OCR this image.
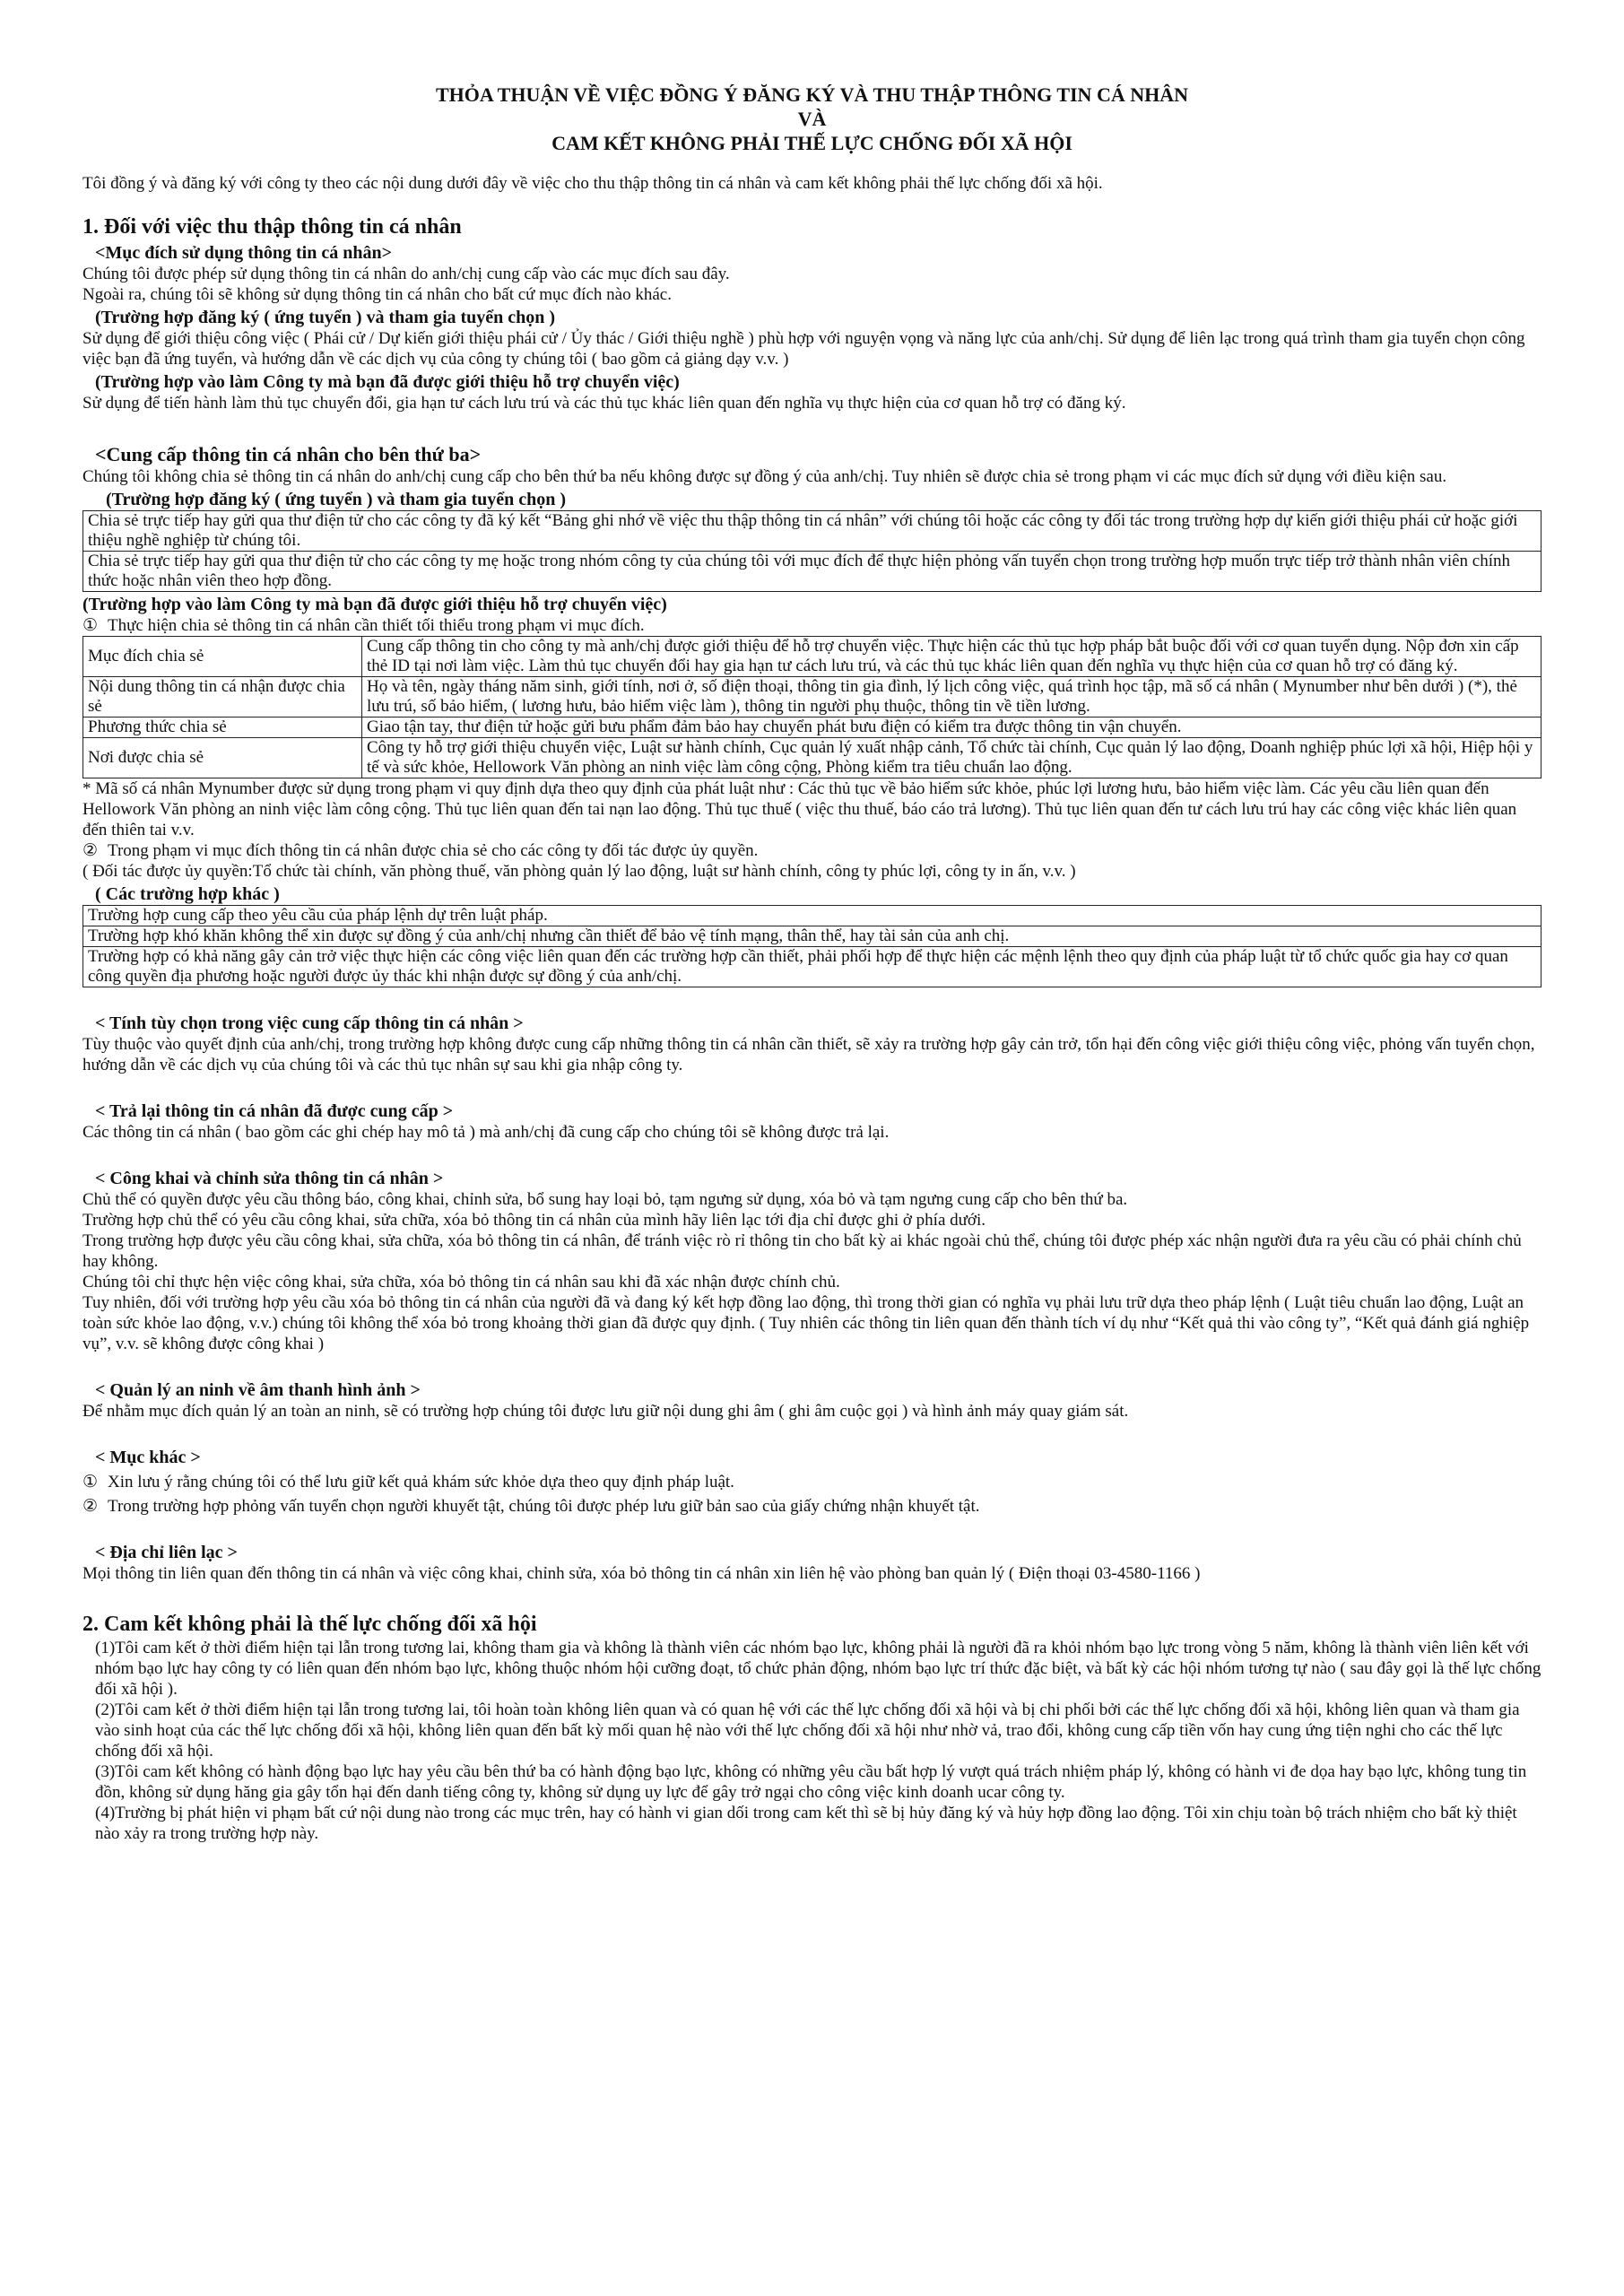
THỎA THUẬN VỀ VIỆC ĐỒNG Ý ĐĂNG KÝ VÀ THU THẬP THÔNG TIN CÁ NHÂN

VÀ

CAM KẾT KHÔNG PHẢI THẾ LỰC CHỐNG ĐỐI XÃ HỘI

Tôi đồng ý và đăng ký với công ty theo các nội dung dưới đây về việc cho thu thập thông tin cá nhân và cam kết không phải thế lực chống đối xã hội.

1. Đối với việc thu thập thông tin cá nhân
<Mục đích sử dụng thông tin cá nhân>

Chúng tôi được phép sử dụng thông tin cá nhân do anh/chị cung cấp vào các mục đích sau đây.

Ngoài ra, chúng tôi sẽ không sử dụng thông tin cá nhân cho bất cứ mục đích nào khác.

(Trường hợp đăng ký ( ứng tuyển ) và tham gia tuyển chọn )

Sử dụng để giới thiệu công việc ( Phái cử / Dự kiến giới thiệu phái cử / Ủy thác / Giới thiệu nghề ) phù hợp với nguyện vọng và năng lực của anh/chị. Sử dụng để liên lạc trong quá trình tham gia tuyển chọn công việc bạn đã ứng tuyển, và hướng dẫn về các dịch vụ của công ty chúng tôi ( bao gồm cả giảng dạy v.v. )

(Trường hợp vào làm Công ty mà bạn đã được giới thiệu hỗ trợ chuyển việc)

Sử dụng để tiến hành làm thủ tục chuyển đổi, gia hạn tư cách lưu trú và các thủ tục khác liên quan đến nghĩa vụ thực hiện của cơ quan hỗ trợ có đăng ký.

<Cung cấp thông tin cá nhân cho bên thứ ba>

Chúng tôi không chia sẻ thông tin cá nhân do anh/chị cung cấp cho bên thứ ba nếu không được sự đồng ý của anh/chị. Tuy nhiên sẽ được chia sẻ trong phạm vi các mục đích sử dụng với điều kiện sau.

(Trường hợp đăng ký ( ứng tuyển ) và tham gia tuyển chọn )
Chia sẻ trực tiếp hay gửi qua thư điện tử cho các công ty đã ký kết “Bảng ghi nhớ về việc thu thập thông tin cá nhân” với chúng tôi hoặc các công ty đối tác trong trường hợp dự kiến giới thiệu phái cử hoặc giới thiệu nghề nghiệp từ chúng tôi.
Chia sẻ trực tiếp hay gửi qua thư điện tử cho các công ty mẹ hoặc trong nhóm công ty của chúng tôi với mục đích để thực hiện phỏng vấn tuyển chọn trong trường hợp muốn trực tiếp trở thành nhân viên chính thức hoặc nhân viên theo hợp đồng.
(Trường hợp vào làm Công ty mà bạn đã được giới thiệu hỗ trợ chuyển việc)

① Thực hiện chia sẻ thông tin cá nhân cần thiết tối thiểu trong phạm vi mục đích.

Mục đích chia sẻ	Cung cấp thông tin cho công ty mà anh/chị được giới thiệu để hỗ trợ chuyển việc. Thực hiện các thủ tục hợp pháp bắt buộc đối với cơ quan tuyển dụng. Nộp đơn xin cấp thẻ ID tại nơi làm việc. Làm thủ tục chuyển đổi hay gia hạn tư cách lưu trú, và các thủ tục khác liên quan đến nghĩa vụ thực hiện của cơ quan hỗ trợ có đăng ký.
Nội dung thông tin cá nhận được chia sẻ	Họ và tên, ngày tháng năm sinh, giới tính, nơi ở, số điện thoại, thông tin gia đình, lý lịch công việc, quá trình học tập, mã số cá nhân ( Mynumber như bên dưới ) (*), thẻ lưu trú, số bảo hiểm, ( lương hưu, bảo hiểm việc làm ), thông tin người phụ thuộc, thông tin về tiền lương.
Phương thức chia sẻ	Giao tận tay, thư điện tử hoặc gửi bưu phẩm đảm bảo hay chuyển phát bưu điện có kiểm tra được thông tin vận chuyển.
Nơi được chia sẻ	Công ty hỗ trợ giới thiệu chuyển việc, Luật sư hành chính, Cục quản lý xuất nhập cảnh, Tổ chức tài chính, Cục quản lý lao động, Doanh nghiệp phúc lợi xã hội, Hiệp hội y tế và sức khỏe, Hellowork Văn phòng an ninh việc làm công cộng, Phòng kiểm tra tiêu chuẩn lao động.

* Mã số cá nhân Mynumber được sử dụng trong phạm vi quy định dựa theo quy định của phát luật như : Các thủ tục về bảo hiểm sức khỏe, phúc lợi lương hưu, bảo hiểm việc làm. Các yêu cầu liên quan đến Hellowork Văn phòng an ninh việc làm công cộng. Thủ tục liên quan đến tai nạn lao động. Thủ tục thuế ( việc thu thuế, báo cáo trả lương). Thủ tục liên quan đến tư cách lưu trú hay các công việc khác liên quan đến thiên tai v.v.

② Trong phạm vi mục đích thông tin cá nhân được chia sẻ cho các công ty đối tác được ủy quyền.

( Đối tác được ủy quyền:Tổ chức tài chính, văn phòng thuế, văn phòng quản lý lao động, luật sư hành chính, công ty phúc lợi, công ty in ấn, v.v. )

( Các trường hợp khác )
Trường hợp cung cấp theo yêu cầu của pháp lệnh dự trên luật pháp.
Trường hợp khó khăn không thể xin được sự đồng ý của anh/chị nhưng cần thiết để bảo vệ tính mạng, thân thể, hay tài sản của anh chị.
Trường hợp có khả năng gây cản trở việc thực hiện các công việc liên quan đến các trường hợp cần thiết, phải phối hợp để thực hiện các mệnh lệnh theo quy định của pháp luật từ tổ chức quốc gia hay cơ quan công quyền địa phương hoặc người được ủy thác khi nhận được sự đồng ý của anh/chị.
< Tính tùy chọn trong việc cung cấp thông tin cá nhân >

Tùy thuộc vào quyết định của anh/chị, trong trường hợp không được cung cấp những thông tin cá nhân cần thiết, sẽ xảy ra trường hợp gây cản trở, tổn hại đến công việc giới thiệu công việc, phỏng vấn tuyển chọn, hướng dẫn về các dịch vụ của chúng tôi và các thủ tục nhân sự sau khi gia nhập công ty.

< Trả lại thông tin cá nhân đã được cung cấp >

Các thông tin cá nhân ( bao gồm các ghi chép hay mô tả ) mà anh/chị đã cung cấp cho chúng tôi sẽ không được trả lại.

< Công khai và chỉnh sửa thông tin cá nhân >

Chủ thể có quyền được yêu cầu thông báo, công khai, chỉnh sửa, bổ sung hay loại bỏ, tạm ngưng sử dụng, xóa bỏ và tạm ngưng cung cấp cho bên thứ ba.

Trường hợp chủ thể có yêu cầu công khai, sửa chữa, xóa bỏ thông tin cá nhân của mình hãy liên lạc tới địa chỉ được ghi ở phía dưới.

Trong trường hợp được yêu cầu công khai, sửa chữa, xóa bỏ thông tin cá nhân, để tránh việc rò rỉ thông tin cho bất kỳ ai khác ngoài chủ thể, chúng tôi được phép xác nhận người đưa ra yêu cầu có phải chính chủ hay không.

Chúng tôi chỉ thực hện việc công khai, sửa chữa, xóa bỏ thông tin cá nhân sau khi đã xác nhận được chính chủ.

Tuy nhiên, đối với trường hợp yêu cầu xóa bỏ thông tin cá nhân của người đã và đang ký kết hợp đồng lao động, thì trong thời gian có nghĩa vụ phải lưu trữ dựa theo pháp lệnh ( Luật tiêu chuẩn lao động, Luật an toàn sức khỏe lao động, v.v.) chúng tôi không thể xóa bỏ trong khoảng thời gian đã được quy định. ( Tuy nhiên các thông tin liên quan đến thành tích ví dụ như “Kết quả thi vào công ty”, “Kết quả đánh giá nghiệp vụ”, v.v. sẽ không được công khai )

< Quản lý an ninh về âm thanh hình ảnh >

Để nhằm mục đích quản lý an toàn an ninh, sẽ có trường hợp chúng tôi được lưu giữ nội dung ghi âm ( ghi âm cuộc gọi ) và hình ảnh máy quay giám sát.

< Mục khác >

① Xin lưu ý rằng chúng tôi có thể lưu giữ kết quả khám sức khỏe dựa theo quy định pháp luật.

② Trong trường hợp phỏng vấn tuyển chọn người khuyết tật, chúng tôi được phép lưu giữ bản sao của giấy chứng nhận khuyết tật.

< Địa chỉ liên lạc >

Mọi thông tin liên quan đến thông tin cá nhân và việc công khai, chỉnh sửa, xóa bỏ thông tin cá nhân xin liên hệ vào phòng ban quản lý ( Điện thoại 03-4580-1166 )

2. Cam kết không phải là thế lực chống đối xã hội

(1)Tôi cam kết ở thời điểm hiện tại lẫn trong tương lai, không tham gia và không là thành viên các nhóm bạo lực, không phải là người đã ra khỏi nhóm bạo lực trong vòng 5 năm, không là thành viên liên kết với nhóm bạo lực hay công ty có liên quan đến nhóm bạo lực, không thuộc nhóm hội cưỡng đoạt, tổ chức phản động, nhóm bạo lực trí thức đặc biệt, và bất kỳ các hội nhóm tương tự nào ( sau đây gọi là thế lực chống đối xã hội ).

(2)Tôi cam kết ở thời điểm hiện tại lẫn trong tương lai, tôi hoàn toàn không liên quan và có quan hệ với các thế lực chống đối xã hội và bị chi phối bởi các thế lực chống đối xã hội, không liên quan và tham gia vào sinh hoạt của các thế lực chống đối xã hội, không liên quan đến bất kỳ mối quan hệ nào với thế lực chống đối xã hội như nhờ vả, trao đổi, không cung cấp tiền vốn hay cung ứng tiện nghi cho các thế lực chống đối xã hội.

(3)Tôi cam kết không có hành động bạo lực hay yêu cầu bên thứ ba có hành động bạo lực, không có những yêu cầu bất hợp lý vượt quá trách nhiệm pháp lý, không có hành vi đe dọa hay bạo lực, không tung tin đồn, không sử dụng hăng gia gây tổn hại đến danh tiếng công ty, không sử dụng uy lực để gây trở ngại cho công việc kinh doanh ucar công ty.

(4)Trường bị phát hiện vi phạm bất cứ nội dung nào trong các mục trên, hay có hành vi gian dối trong cam kết thì sẽ bị hủy đăng ký và hủy hợp đồng lao động. Tôi xin chịu toàn bộ trách nhiệm cho bất kỳ thiệt nào xảy ra trong trường hợp này.
